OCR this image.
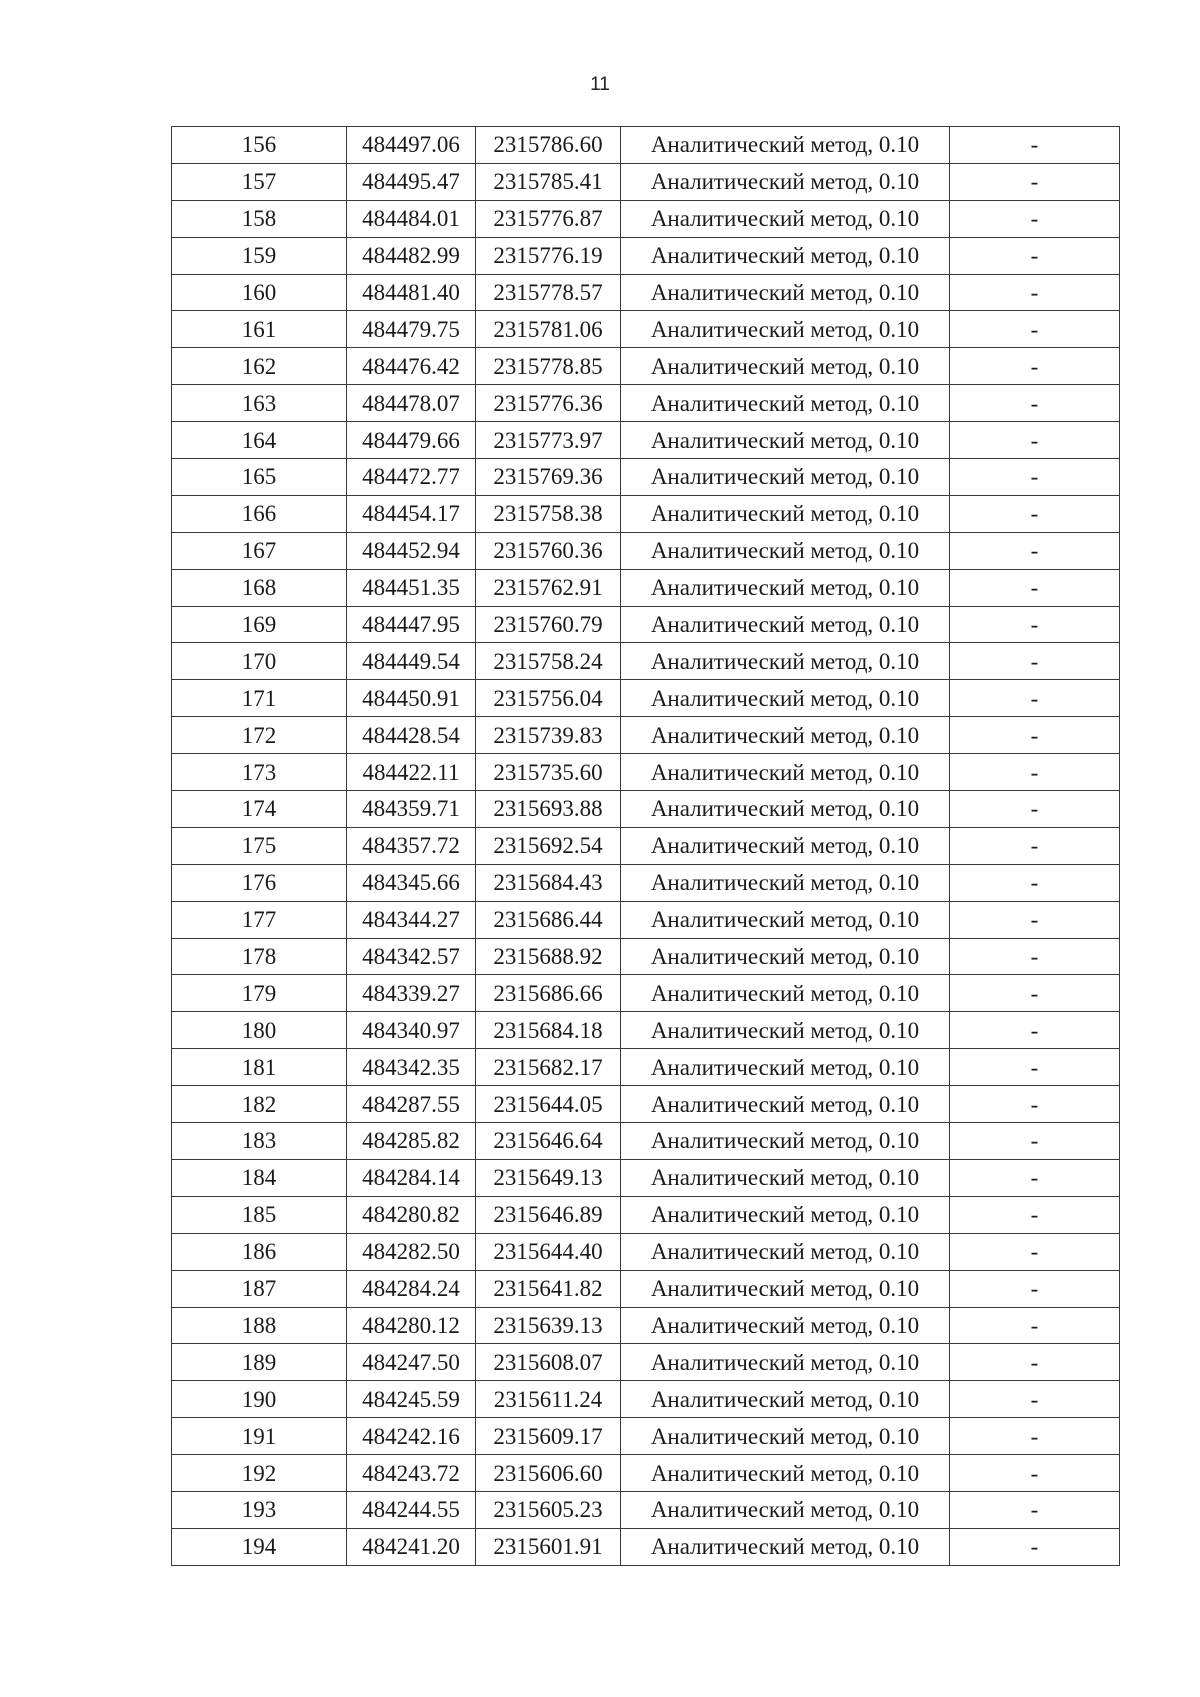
11
156	484497.06	2315786.60	Аналитический метод, 0.10	-
157	484495.47	2315785.41	Аналитический метод, 0.10	-
158	484484.01	2315776.87	Аналитический метод, 0.10	-
159	484482.99	2315776.19	Аналитический метод, 0.10	-
160	484481.40	2315778.57	Аналитический метод, 0.10	-
161	484479.75	2315781.06	Аналитический метод, 0.10	-
162	484476.42	2315778.85	Аналитический метод, 0.10	-
163	484478.07	2315776.36	Аналитический метод, 0.10	-
164	484479.66	2315773.97	Аналитический метод, 0.10	-
165	484472.77	2315769.36	Аналитический метод, 0.10	-
166	484454.17	2315758.38	Аналитический метод, 0.10	-
167	484452.94	2315760.36	Аналитический метод, 0.10	-
168	484451.35	2315762.91	Аналитический метод, 0.10	-
169	484447.95	2315760.79	Аналитический метод, 0.10	-
170	484449.54	2315758.24	Аналитический метод, 0.10	-
171	484450.91	2315756.04	Аналитический метод, 0.10	-
172	484428.54	2315739.83	Аналитический метод, 0.10	-
173	484422.11	2315735.60	Аналитический метод, 0.10	-
174	484359.71	2315693.88	Аналитический метод, 0.10	-
175	484357.72	2315692.54	Аналитический метод, 0.10	-
176	484345.66	2315684.43	Аналитический метод, 0.10	-
177	484344.27	2315686.44	Аналитический метод, 0.10	-
178	484342.57	2315688.92	Аналитический метод, 0.10	-
179	484339.27	2315686.66	Аналитический метод, 0.10	-
180	484340.97	2315684.18	Аналитический метод, 0.10	-
181	484342.35	2315682.17	Аналитический метод, 0.10	-
182	484287.55	2315644.05	Аналитический метод, 0.10	-
183	484285.82	2315646.64	Аналитический метод, 0.10	-
184	484284.14	2315649.13	Аналитический метод, 0.10	-
185	484280.82	2315646.89	Аналитический метод, 0.10	-
186	484282.50	2315644.40	Аналитический метод, 0.10	-
187	484284.24	2315641.82	Аналитический метод, 0.10	-
188	484280.12	2315639.13	Аналитический метод, 0.10	-
189	484247.50	2315608.07	Аналитический метод, 0.10	-
190	484245.59	2315611.24	Аналитический метод, 0.10	-
191	484242.16	2315609.17	Аналитический метод, 0.10	-
192	484243.72	2315606.60	Аналитический метод, 0.10	-
193	484244.55	2315605.23	Аналитический метод, 0.10	-
194	484241.20	2315601.91	Аналитический метод, 0.10	-
